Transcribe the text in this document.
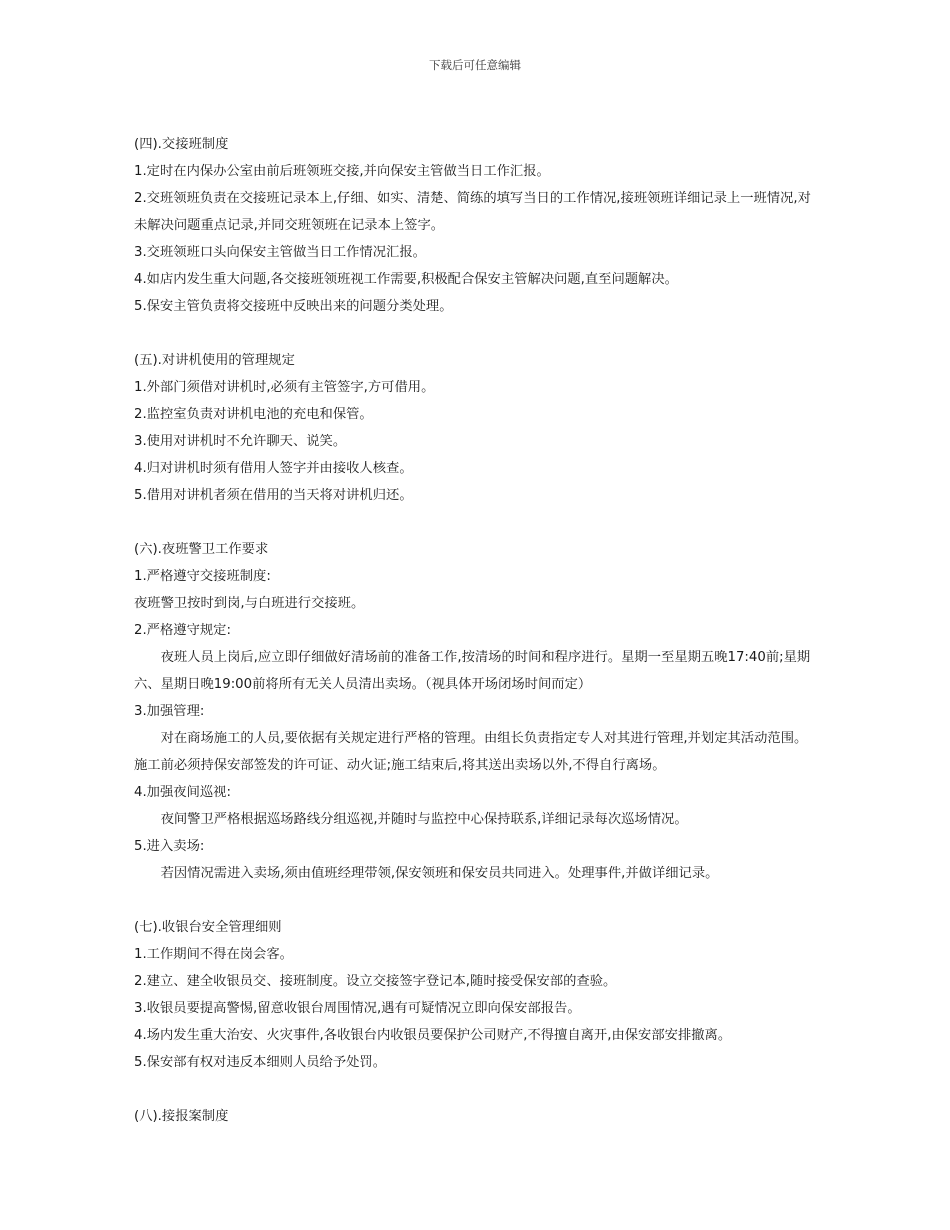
下载后可任意编辑
(四).交接班制度
1.定时在内保办公室由前后班领班交接,并向保安主管做当日工作汇报。
2.交班领班负责在交接班记录本上,仔细、如实、清楚、简练的填写当日的工作情况,接班领班详细记录上一班情况,对未解决问题重点记录,并同交班领班在记录本上签字。
3.交班领班口头向保安主管做当日工作情况汇报。
4.如店内发生重大问题,各交接班领班视工作需要,积极配合保安主管解决问题,直至问题解决。
5.保安主管负责将交接班中反映出来的问题分类处理。
(五).对讲机使用的管理规定
1.外部门须借对讲机时,必须有主管签字,方可借用。
2.监控室负责对讲机电池的充电和保管。
3.使用对讲机时不允许聊天、说笑。
4.归对讲机时须有借用人签字并由接收人核查。
5.借用对讲机者须在借用的当天将对讲机归还。
(六).夜班警卫工作要求
1.严格遵守交接班制度:
夜班警卫按时到岗,与白班进行交接班。
2.严格遵守规定:
夜班人员上岗后,应立即仔细做好清场前的准备工作,按清场的时间和程序进行。星期一至星期五晚17:40前;星期六、星期日晚19:00前将所有无关人员清出卖场。（视具体开场闭场时间而定）
3.加强管理:
对在商场施工的人员,要依据有关规定进行严格的管理。由组长负责指定专人对其进行管理,并划定其活动范围。施工前必须持保安部签发的许可证、动火证;施工结束后,将其送出卖场以外,不得自行离场。
4.加强夜间巡视:
夜间警卫严格根据巡场路线分组巡视,并随时与监控中心保持联系,详细记录每次巡场情况。
5.进入卖场:
若因情况需进入卖场,须由值班经理带领,保安领班和保安员共同进入。处理事件,并做详细记录。
(七).收银台安全管理细则
1.工作期间不得在岗会客。
2.建立、建全收银员交、接班制度。设立交接签字登记本,随时接受保安部的查验。
3.收银员要提高警惕,留意收银台周围情况,遇有可疑情况立即向保安部报告。
4.场内发生重大治安、火灾事件,各收银台内收银员要保护公司财产,不得擅自离开,由保安部安排撤离。
5.保安部有权对违反本细则人员给予处罚。
(八).接报案制度
